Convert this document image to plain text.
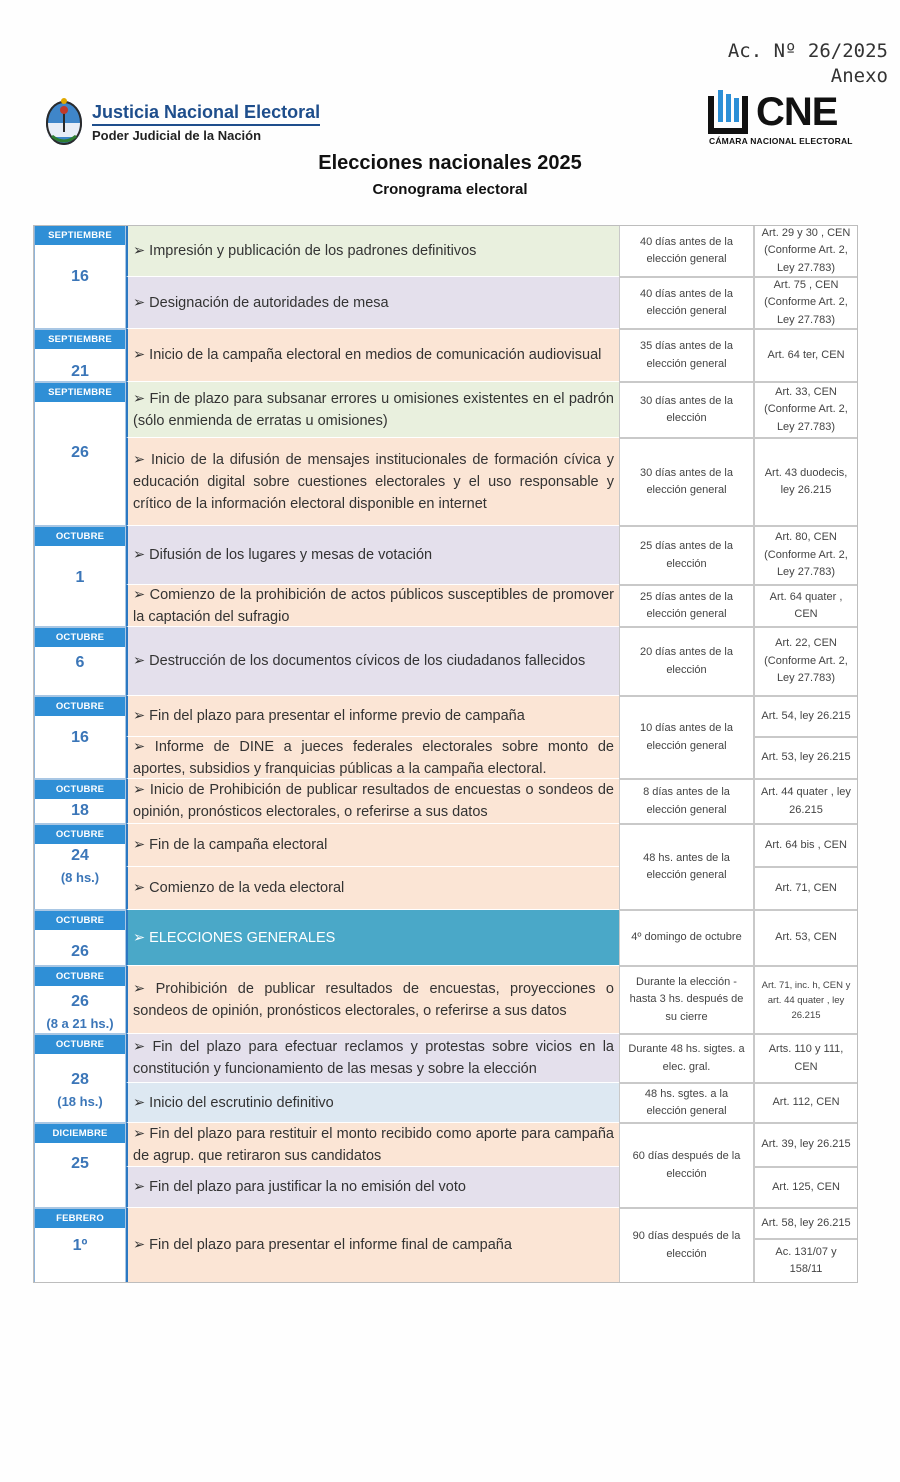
Ac. Nº 26/2025
Anexo
Justicia Nacional Electoral
Poder Judicial de la Nación
CNE
CÁMARA NACIONAL ELECTORAL
Elecciones nacionales 2025
Cronograma electoral
SEPTIEMBRE
16
SEPTIEMBRE
21
SEPTIEMBRE
26
OCTUBRE
1
OCTUBRE
6
OCTUBRE
16
OCTUBRE
18
OCTUBRE
24
(8 hs.)
OCTUBRE
26
OCTUBRE
26
(8 a 21 hs.)
OCTUBRE
28
(18 hs.)
DICIEMBRE
25
FEBRERO
1º
➢ Impresión y publicación de los padrones definitivos
➢ Designación de autoridades de mesa
➢ Inicio de la campaña electoral en medios de comunicación audiovisual
➢ Fin de plazo para subsanar errores u omisiones existentes en el padrón (sólo enmienda de erratas u omisiones)
➢ Inicio de la difusión de mensajes institucionales de formación cívica y educación digital sobre cuestiones electorales y el uso responsable y crítico de la información electoral disponible en internet
➢ Difusión de los lugares y mesas de votación
➢ Comienzo de la prohibición de actos públicos susceptibles de promover la captación del sufragio
➢ Destrucción de los documentos cívicos de los ciudadanos fallecidos
➢ Fin del plazo para presentar el informe previo de campaña
➢ Informe de DINE a jueces federales electorales sobre monto de aportes, subsidios y franquicias públicas a la campaña electoral.
➢ Inicio de Prohibición de publicar resultados de encuestas o sondeos de opinión, pronósticos electorales, o referirse a sus datos
➢ Fin de la campaña electoral
➢ Comienzo de la veda electoral
➢ ELECCIONES GENERALES
➢ Prohibición de publicar resultados de encuestas, proyecciones o sondeos de opinión, pronósticos electorales, o referirse a sus datos
➢ Fin del plazo para efectuar reclamos y protestas sobre vicios en la constitución y funcionamiento de las mesas y sobre la elección
➢ Inicio del escrutinio definitivo
➢ Fin del plazo para restituir el monto recibido como aporte para campaña de agrup. que retiraron sus candidatos
➢ Fin del plazo para justificar la no emisión del voto
➢ Fin del plazo para presentar el informe final de campaña
40 días antes de la elección general
40 días antes de la elección general
35 días antes de la elección general
30 días antes de la elección
30 días antes de la elección general
25 días antes de la elección
25 días antes de la elección general
20 días antes de la elección
10 días antes de la elección general
8 días antes de la elección general
48 hs. antes de la elección general
4º domingo de octubre
Durante la elección - hasta 3 hs. después de su cierre
Durante 48 hs. sigtes. a elec. gral.
48 hs. sgtes. a la elección general
60 días después de la elección
90 días después de la elección
Art. 29 y 30 , CEN (Conforme Art. 2, Ley 27.783)
Art. 75 , CEN (Conforme Art. 2, Ley 27.783)
Art. 64 ter, CEN
Art. 33, CEN (Conforme Art. 2, Ley 27.783)
Art. 43 duodecis, ley 26.215
Art. 80, CEN (Conforme Art. 2, Ley 27.783)
Art. 64 quater , CEN
Art. 22, CEN (Conforme Art. 2, Ley 27.783)
Art. 54, ley 26.215
Art. 53, ley 26.215
Art. 44 quater , ley 26.215
Art. 64 bis , CEN
Art. 71, CEN
Art. 53, CEN
Art. 71, inc. h, CEN y art. 44 quater , ley 26.215
Arts. 110 y 111, CEN
Art. 112, CEN
Art. 39, ley 26.215
Art. 125, CEN
Art. 58, ley 26.215
Ac. 131/07 y 158/11
